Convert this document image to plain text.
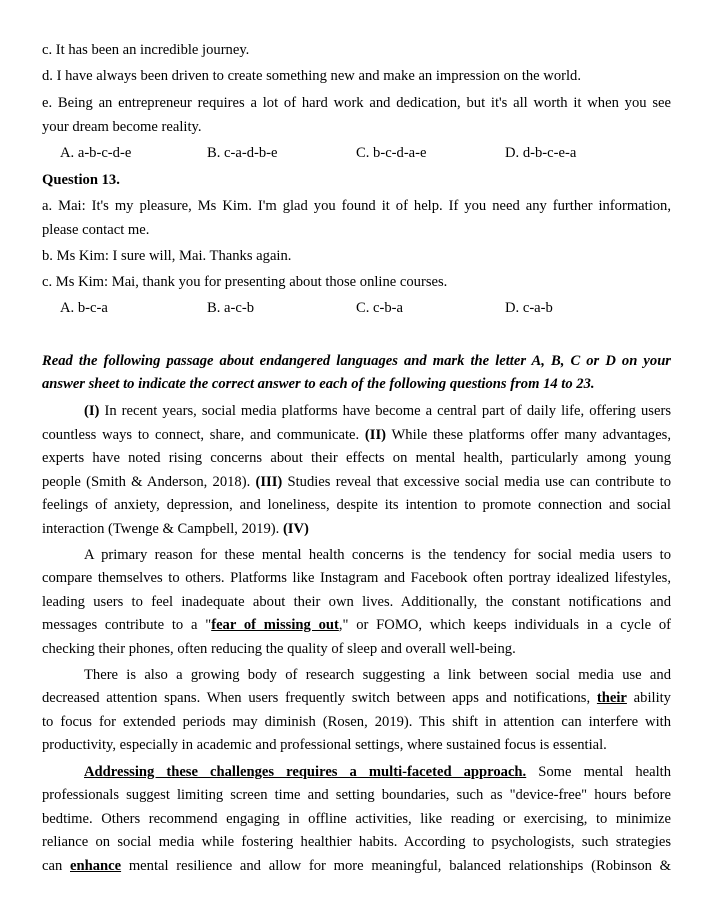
c. It has been an incredible journey.

d. I have always been driven to create something new and make an impression on the world.

e. Being an entrepreneur requires a lot of hard work and dedication, but it's all worth it when you see

your dream become reality.

A. a-b-c-d-e	B. c-a-d-b-e	C. b-c-d-a-e	D. d-b-c-e-a

Question 13.

a. Mai: It's my pleasure, Ms Kim. I'm glad you found it of help. If you need any further information,

please contact me.

b. Ms Kim: I sure will, Mai. Thanks again.

c. Ms Kim: Mai, thank you for presenting about those online courses.

A. b-c-a	B. a-c-b	C. c-b-a	D. c-a-b

Read the following passage about endangered languages and mark the letter A, B, C or D on your

answer sheet to indicate the correct answer to each of the following questions from 14 to 23.

(I) In recent years, social media platforms have become a central part of daily life, offering users

countless ways to connect, share, and communicate. (II) While these platforms offer many advantages,

experts have noted rising concerns about their effects on mental health, particularly among young

people (Smith & Anderson, 2018). (III) Studies reveal that excessive social media use can contribute to

feelings of anxiety, depression, and loneliness, despite its intention to promote connection and social

interaction (Twenge & Campbell, 2019). (IV)

A primary reason for these mental health concerns is the tendency for social media users to

compare themselves to others. Platforms like Instagram and Facebook often portray idealized lifestyles,

leading users to feel inadequate about their own lives. Additionally, the constant notifications and

messages contribute to a "fear of missing out," or FOMO, which keeps individuals in a cycle of

checking their phones, often reducing the quality of sleep and overall well-being.

There is also a growing body of research suggesting a link between social media use and

decreased attention spans. When users frequently switch between apps and notifications, their ability

to focus for extended periods may diminish (Rosen, 2019). This shift in attention can interfere with

productivity, especially in academic and professional settings, where sustained focus is essential.

Addressing these challenges requires a multi-faceted approach. Some mental health

professionals suggest limiting screen time and setting boundaries, such as "device-free" hours before

bedtime. Others recommend engaging in offline activities, like reading or exercising, to minimize

reliance on social media while fostering healthier habits. According to psychologists, such strategies

can enhance mental resilience and allow for more meaningful, balanced relationships (Robinson &
